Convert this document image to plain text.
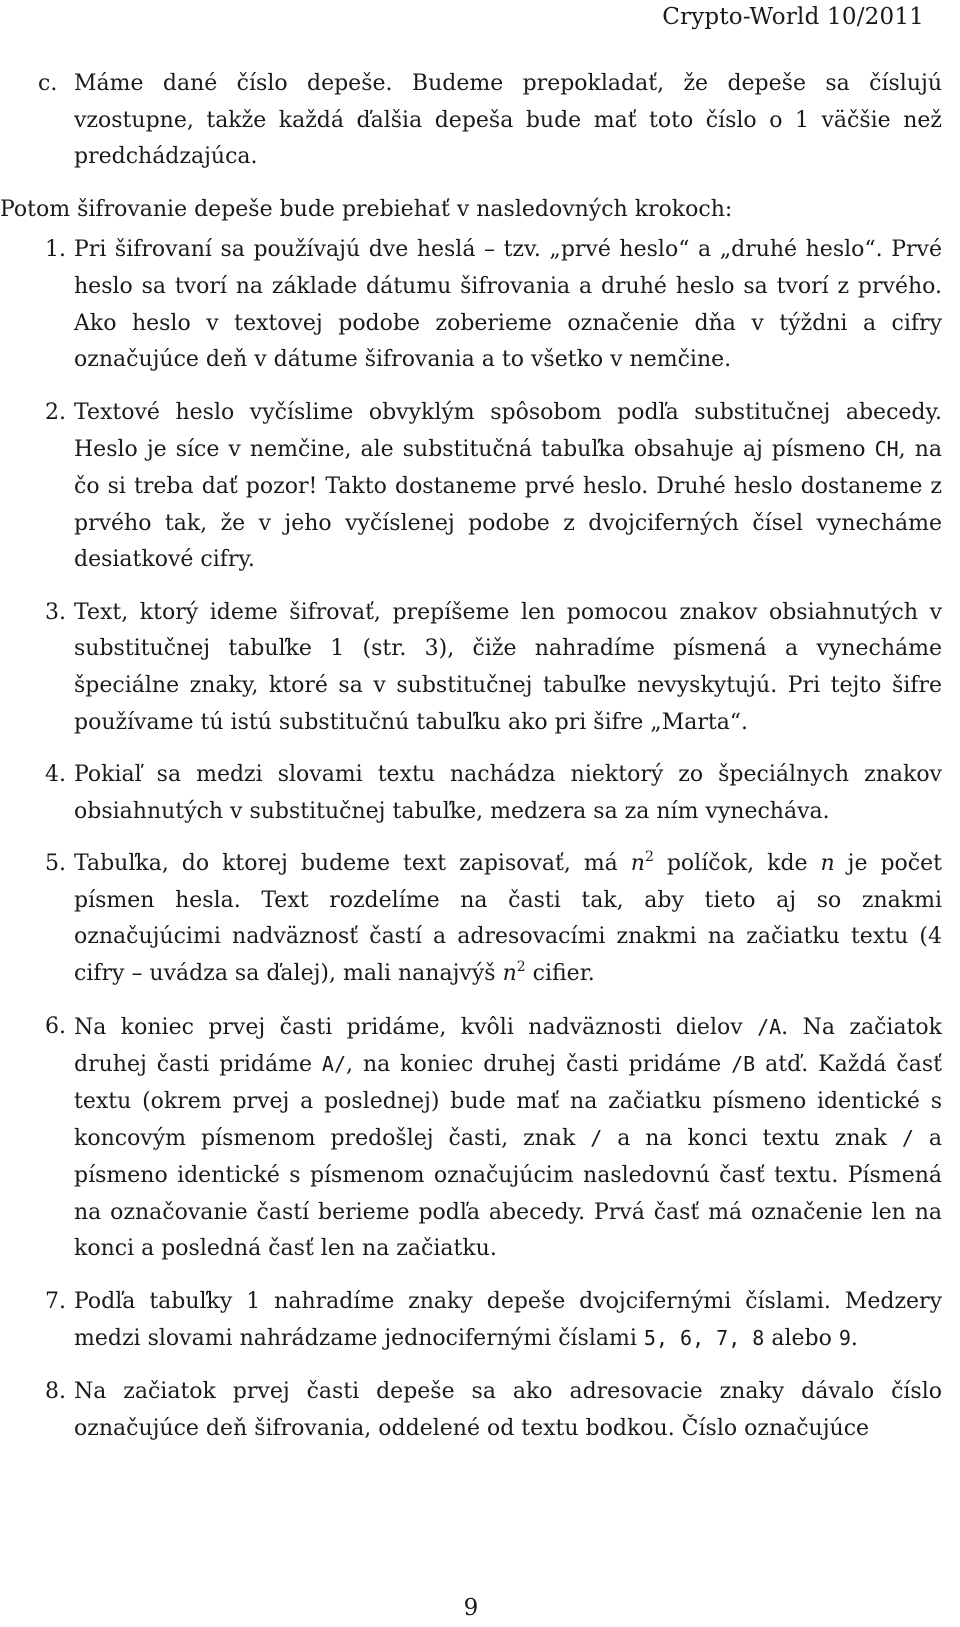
Crypto-World 10/2011
c. Máme dané číslo depeše. Budeme prepokladať, že depeše sa číslujú vzostupne, takže každá ďalšia depeša bude mať toto číslo o 1 väčšie než predchádzajúca.
Potom šifrovanie depeše bude prebiehať v nasledovných krokoch:
1. Pri šifrovaní sa používajú dve heslá – tzv. „prvé heslo“ a „druhé heslo“. Prvé heslo sa tvorí na základe dátumu šifrovania a druhé heslo sa tvorí z prvého. Ako heslo v textovej podobe zoberieme označenie dňa v týždni a cifry označujúce deň v dátume šifrovania a to všetko v nemčine.
2. Textové heslo vyčíslime obvyklým spôsobom podľa substitučnej abecedy. Heslo je síce v nemčine, ale substitučná tabuľka obsahuje aj písmeno CH, na čo si treba dať pozor! Takto dostaneme prvé heslo. Druhé heslo dostaneme z prvého tak, že v jeho vyčíslenej podobe z dvojciferných čísel vynecháme desiatkové cifry.
3. Text, ktorý ideme šifrovať, prepíšeme len pomocou znakov obsiahnutých v substitučnej tabuľke 1 (str. 3), čiže nahradíme písmená a vynecháme špeciálne znaky, ktoré sa v substitučnej tabuľke nevyskytujú. Pri tejto šifre používame tú istú substitučnú tabuľku ako pri šifre „Marta“.
4. Pokiaľ sa medzi slovami textu nachádza niektorý zo špeciálnych znakov obsiahnutých v substitučnej tabuľke, medzera sa za ním vynecháva.
5. Tabuľka, do ktorej budeme text zapisovať, má $n^2$ políčok, kde n je počet písmen hesla. Text rozdelíme na časti tak, aby tieto aj so znakmi označujúcimi nadväznosť častí a adresovacími znakmi na začiatku textu (4 cifry – uvádza sa ďalej), mali nanajvýš $n^2$ cifier.
6. Na koniec prvej časti pridáme, kvôli nadväznosti dielov /A. Na začiatok druhej časti pridáme A/, na koniec druhej časti pridáme /B atď. Každá časť textu (okrem prvej a poslednej) bude mať na začiatku písmeno identické s koncovým písmenom predošlej časti, znak / a na konci textu znak / a písmeno identické s písmenom označujúcim nasledovnú časť textu. Písmená na označovanie častí berieme podľa abecedy. Prvá časť má označenie len na konci a posledná časť len na začiatku.
7. Podľa tabuľky 1 nahradíme znaky depeše dvojcifernými číslami. Medzery medzi slovami nahrádzame jednocifernými číslami 5, 6, 7, 8 alebo 9.
8. Na začiatok prvej časti depeše sa ako adresovacie znaky dávalo číslo označujúce deň šifrovania, oddelené od textu bodkou. Číslo označujúce
9
